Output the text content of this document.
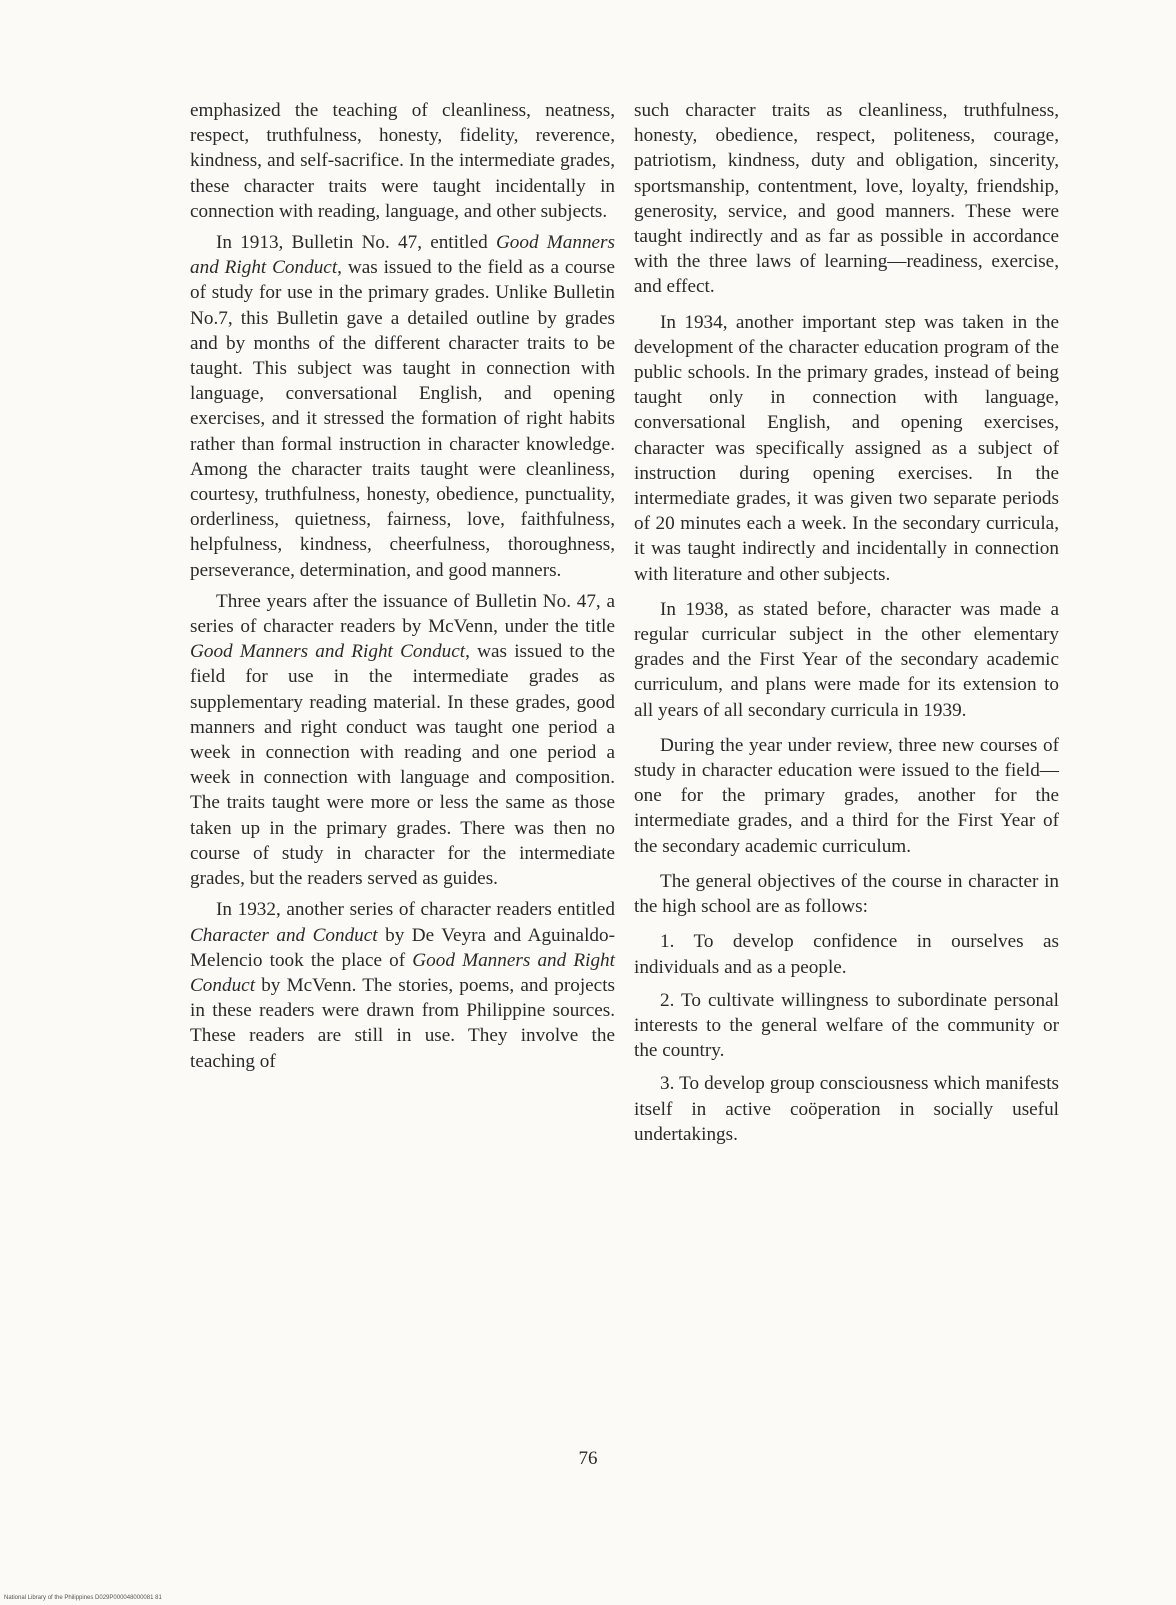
emphasized the teaching of cleanliness, neatness, respect, truthfulness, honesty, fidelity, reverence, kindness, and self-sacrifice. In the intermediate grades, these character traits were taught incidentally in connection with reading, language, and other subjects.

In 1913, Bulletin No. 47, entitled Good Manners and Right Conduct, was issued to the field as a course of study for use in the primary grades. Unlike Bulletin No.7, this Bulletin gave a detailed outline by grades and by months of the different character traits to be taught. This subject was taught in connection with language, conversational English, and opening exercises, and it stressed the formation of right habits rather than formal instruction in character knowledge. Among the character traits taught were cleanliness, courtesy, truthfulness, honesty, obedience, punctuality, orderliness, quietness, fairness, love, faithfulness, helpfulness, kindness, cheerfulness, thoroughness, perseverance, determination, and good manners.

Three years after the issuance of Bulletin No. 47, a series of character readers by McVenn, under the title Good Manners and Right Conduct, was issued to the field for use in the intermediate grades as supplementary reading material. In these grades, good manners and right conduct was taught one period a week in connection with reading and one period a week in connection with language and composition. The traits taught were more or less the same as those taken up in the primary grades. There was then no course of study in character for the intermediate grades, but the readers served as guides.

In 1932, another series of character readers entitled Character and Conduct by De Veyra and Aguinaldo-Melencio took the place of Good Manners and Right Conduct by McVenn. The stories, poems, and projects in these readers were drawn from Philippine sources. These readers are still in use. They involve the teaching of

such character traits as cleanliness, truthfulness, honesty, obedience, respect, politeness, courage, patriotism, kindness, duty and obligation, sincerity, sportsmanship, contentment, love, loyalty, friendship, generosity, service, and good manners. These were taught indirectly and as far as possible in accordance with the three laws of learning—readiness, exercise, and effect.

In 1934, another important step was taken in the development of the character education program of the public schools. In the primary grades, instead of being taught only in connection with language, conversational English, and opening exercises, character was specifically assigned as a subject of instruction during opening exercises. In the intermediate grades, it was given two separate periods of 20 minutes each a week. In the secondary curricula, it was taught indirectly and incidentally in connection with literature and other subjects.

In 1938, as stated before, character was made a regular curricular subject in the other elementary grades and the First Year of the secondary academic curriculum, and plans were made for its extension to all years of all secondary curricula in 1939.

During the year under review, three new courses of study in character education were issued to the field—one for the primary grades, another for the intermediate grades, and a third for the First Year of the secondary academic curriculum.

The general objectives of the course in character in the high school are as follows:

1. To develop confidence in ourselves as individuals and as a people.

2. To cultivate willingness to subordinate personal interests to the general welfare of the community or the country.

3. To develop group consciousness which manifests itself in active coöperation in socially useful undertakings.

76
National Library of the Philippines D029P000048000081 81
